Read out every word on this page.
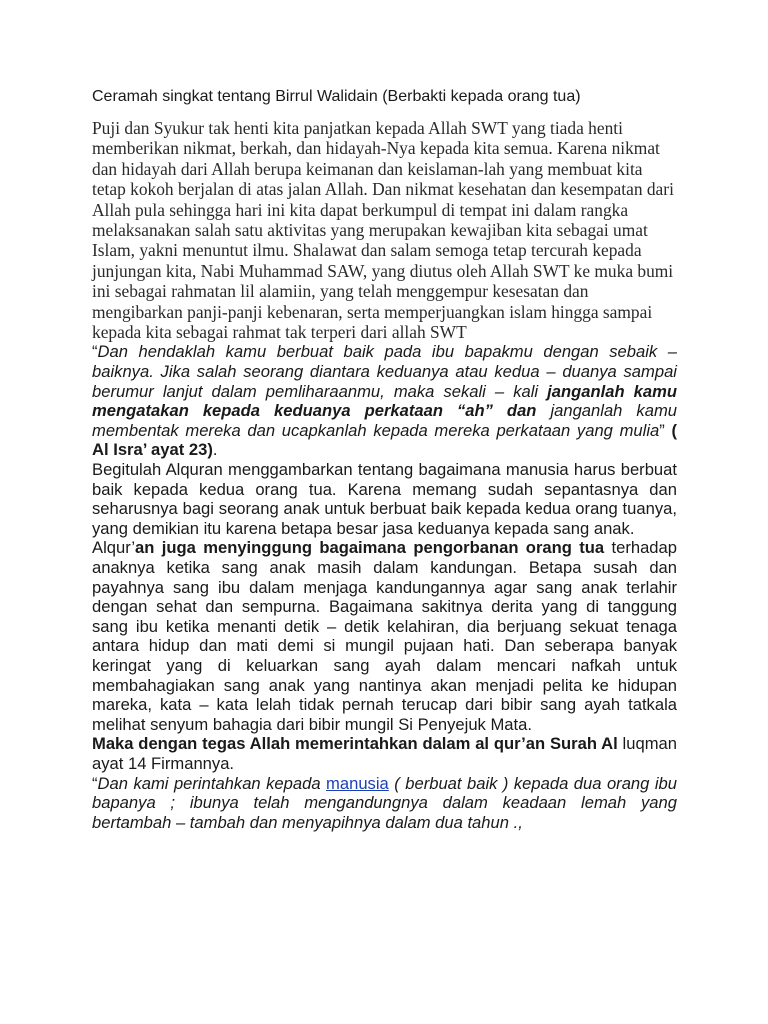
Ceramah singkat tentang Birrul Walidain (Berbakti kepada orang tua)

Puji dan Syukur tak henti kita panjatkan kepada Allah SWT yang tiada henti memberikan nikmat, berkah, dan hidayah-Nya kepada kita semua. Karena nikmat dan hidayah dari Allah berupa keimanan dan keislaman-lah yang membuat kita tetap kokoh berjalan di atas jalan Allah. Dan nikmat kesehatan dan kesempatan dari Allah pula sehingga hari ini kita dapat berkumpul di tempat ini dalam rangka melaksanakan salah satu aktivitas yang merupakan kewajiban kita sebagai umat Islam, yakni menuntut ilmu. Shalawat dan salam semoga tetap tercurah kepada junjungan kita, Nabi Muhammad SAW, yang diutus oleh Allah SWT ke muka bumi ini sebagai rahmatan lil alamiin, yang telah menggempur kesesatan dan mengibarkan panji-panji kebenaran, serta memperjuangkan islam hingga sampai kepada kita sebagai rahmat tak terperi dari allah SWT

“Dan hendaklah kamu berbuat baik pada ibu bapakmu dengan sebaik – baiknya. Jika salah seorang diantara keduanya atau kedua – duanya sampai berumur lanjut dalam pemliharaanmu, maka sekali – kali janganlah kamu mengatakan kepada keduanya perkataan “ah” dan janganlah kamu membentak mereka dan ucapkanlah kepada mereka perkataan yang mulia” ( Al Isra’ ayat 23).

Begitulah Alquran menggambarkan tentang bagaimana manusia harus berbuat baik kepada kedua orang tua. Karena memang sudah sepantasnya dan seharusnya bagi seorang anak untuk berbuat baik kepada kedua orang tuanya, yang demikian itu karena betapa besar jasa keduanya kepada sang anak.

Alqur’an juga menyinggung bagaimana pengorbanan orang tua terhadap anaknya ketika sang anak masih dalam kandungan. Betapa susah dan payahnya sang ibu dalam menjaga kandungannya agar sang anak terlahir dengan sehat dan sempurna. Bagaimana sakitnya derita yang di tanggung sang ibu ketika menanti detik – detik kelahiran, dia berjuang sekuat tenaga antara hidup dan mati demi si mungil pujaan hati. Dan seberapa banyak keringat yang di keluarkan sang ayah dalam mencari nafkah untuk membahagiakan sang anak yang nantinya akan menjadi pelita ke hidupan mareka, kata – kata lelah tidak pernah terucap dari bibir sang ayah tatkala melihat senyum bahagia dari bibir mungil Si Penyejuk Mata.

Maka dengan tegas Allah memerintahkan dalam al qur’an Surah Al luqman ayat 14 Firmannya.

“Dan kami perintahkan kepada manusia ( berbuat baik ) kepada dua orang ibu bapanya ; ibunya telah mengandungnya dalam keadaan lemah yang bertambah – tambah dan menyapihnya dalam dua tahun .,
